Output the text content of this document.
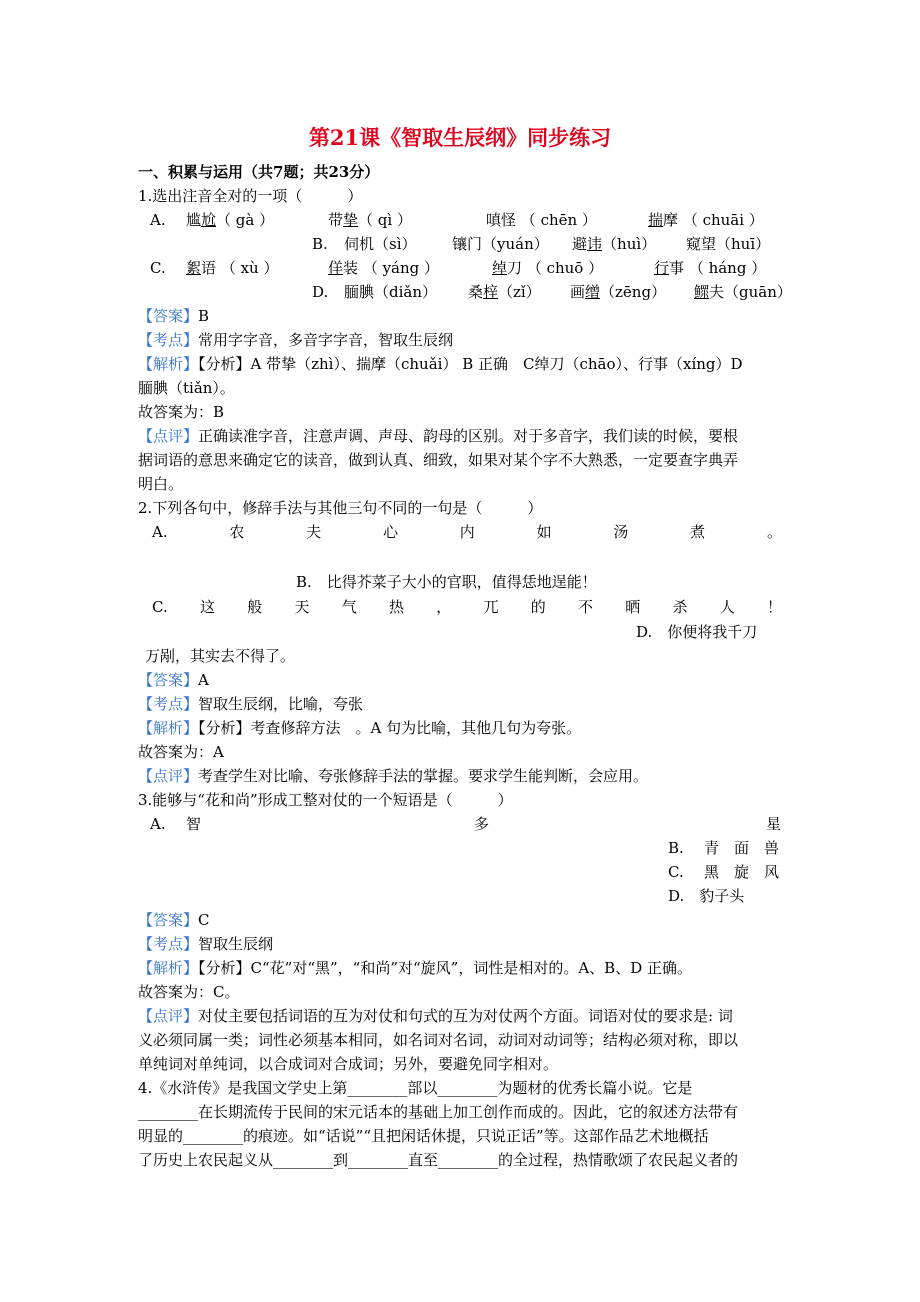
第21课《智取生辰纲》同步练习
一、积累与运用（共7题；共23分）
1.选出注音全对的一项（　　　）
A. 尴尬（ gà ）	带挚（ qì ）	嗔怪 （ chēn ）	揣摩 （ chuāi ）
B. 伺机（sì） 镶门（yuán） 避讳（huì） 窥望（huī）
C. 絮语 （ xù ）	佯装 （ yáng ）	绰刀 （ chuō ）	行事 （ háng ）
D. 腼腆（diǎn） 桑梓（zǐ） 画缯（zēng） 鳏夫（guān）
【答案】B
【考点】常用字字音，多音字字音，智取生辰纲
【解析】【分析】A 带挚（zhì）、揣摩（chuǎi） B 正确　C绰刀（chāo）、行事（xíng）D
腼腆（tiǎn）。
故答案为：B
【点评】正确读准字音，注意声调、声母、韵母的区别。对于多音字，我们读的时候，要根
据词语的意思来确定它的读音，做到认真、细致，如果对某个字不大熟悉，一定要查字典弄
明白。
2.下列各句中，修辞手法与其他三句不同的一句是（　　　）
A.	农	夫	心	内	如	汤	煮	。
B.　比得芥菜子大小的官职，值得恁地逞能！
C. 这 般 天 气 热 ， 兀 的 不 晒 杀 人 ！
D.　你便将我千刀
万剐，其实去不得了。
【答案】A
【考点】智取生辰纲，比喻，夸张
【解析】【分析】考查修辞方法　。A 句为比喻，其他几句为夸张。
故答案为：A
【点评】考查学生对比喻、夸张修辞手法的掌握。要求学生能判断，会应用。
3.能够与“花和尚”形成工整对仗的一个短语是（　　　）
A. 智	多	星
B. 青 面 兽
C. 黑 旋 风
D.　豹子头
【答案】C
【考点】智取生辰纲
【解析】【分析】C“花”对“黑”，“和尚”对“旋风”，词性是相对的。A、B、D 正确。
故答案为：C。
【点评】对仗主要包括词语的互为对仗和句式的互为对仗两个方面。词语对仗的要求是: 词
义必须同属一类；词性必须基本相同，如名词对名词，动词对动词等；结构必须对称，即以
单纯词对单纯词，以合成词对合成词；另外，要避免同字相对。
4.《水浒传》是我国文学史上第________部以________为题材的优秀长篇小说。它是
________在长期流传于民间的宋元话本的基础上加工创作而成的。因此，它的叙述方法带有
明显的________的痕迹。如“话说”“且把闲话休提，只说正话”等。这部作品艺术地概括
了历史上农民起义从________到________直至________的全过程，热情歌颂了农民起义者的
